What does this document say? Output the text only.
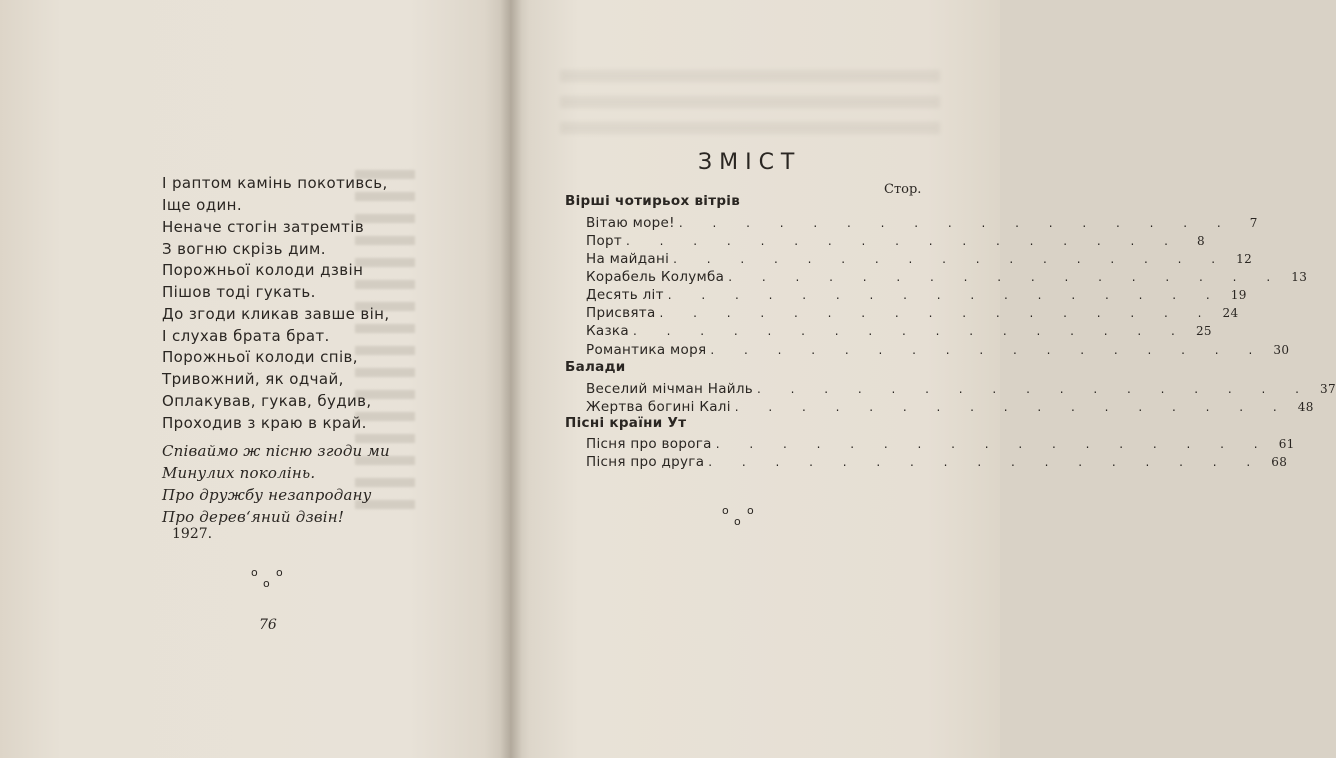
І раптом камінь покотивсь,
Іще один.
Неначе стогін затремтів
З вогню скрізь дим.
Порожньої колоди дзвін
Пішов тоді гукать.
До згоди кликав завше він,
І слухав брата брат.
Порожньої колоди спів,
Тривожний, як одчай,
Оплакував, гукав, будив,
Проходив з краю в край.
Співаймо ж пісню згоди ми
Минулих поколінь.
Про дружбу незапродану
Про дерев‘яний дзвін!
1927.
o o
o
76
ЗМІСТ
Стор.
Вірші чотирьох вітрів
Вітаю море! . . . . . . . . . . . . . . . . .	7
Порт . . . . . . . . . . . . . . . . .	8
На майдані . . . . . . . . . . . . . . . . . 12
Корабель Колумба . . . . . . . . . . . . . . . . . 13
Десять літ . . . . . . . . . . . . . . . . . 19
Присвята . . . . . . . . . . . . . . . . . 24
Казка . . . . . . . . . . . . . . . . . 25
Романтика моря . . . . . . . . . . . . . . . . . 30
Балади
Веселий мічман Найль . . . . . . . . . . . . . . . . . 37
Жертва богині Калі . . . . . . . . . . . . . . . . . 48
Пісні країни Ут
Пісня про ворога . . . . . . . . . . . . . . . . . 61
Пісня про друга . . . . . . . . . . . . . . . . . 68
o o
o
